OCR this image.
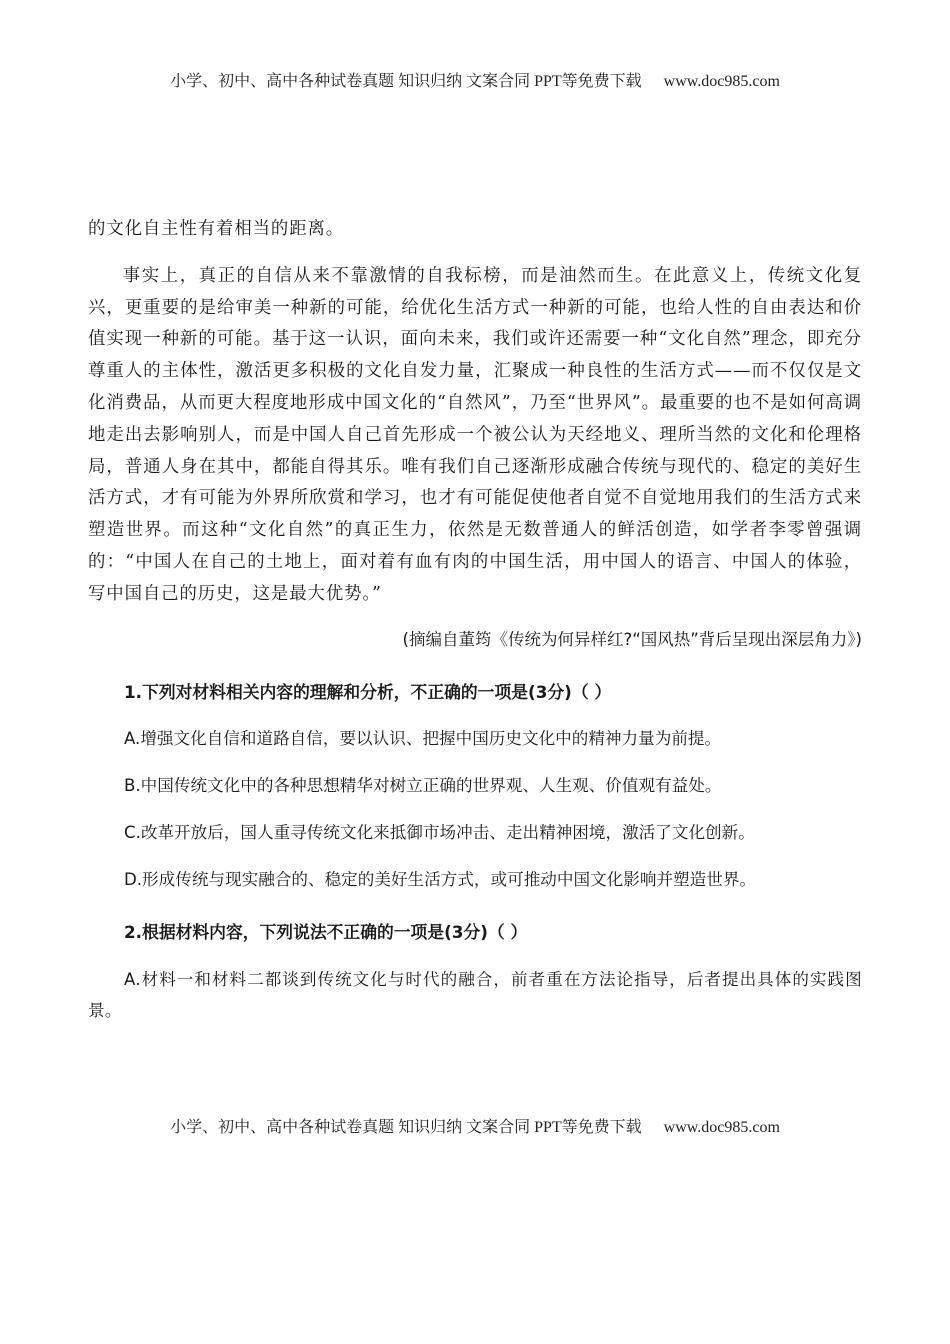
小学、初中、高中各种试卷真题 知识归纳 文案合同 PPT等免费下载 www.doc985.com

的文化自主性有着相当的距离。

事实上，真正的自信从来不靠激情的自我标榜，而是油然而生。在此意义上，传统文化复兴，更重要的是给审美一种新的可能，给优化生活方式一种新的可能，也给人性的自由表达和价值实现一种新的可能。基于这一认识，面向未来，我们或许还需要一种“文化自然”理念，即充分尊重人的主体性，激活更多积极的文化自发力量，汇聚成一种良性的生活方式——而不仅仅是文化消费品，从而更大程度地形成中国文化的“自然风”，乃至“世界风”。最重要的也不是如何高调地走出去影响别人，而是中国人自己首先形成一个被公认为天经地义、理所当然的文化和伦理格局，普通人身在其中，都能自得其乐。唯有我们自己逐渐形成融合传统与现代的、稳定的美好生活方式，才有可能为外界所欣赏和学习，也才有可能促使他者自觉不自觉地用我们的生活方式来塑造世界。而这种“文化自然”的真正生力，依然是无数普通人的鲜活创造，如学者李零曾强调的：“中国人在自己的土地上，面对着有血有肉的中国生活，用中国人的语言、中国人的体验，写中国自己的历史，这是最大优势。”

(摘编自董筠《传统为何异样红?“国风热”背后呈现出深层角力》)

1.下列对材料相关内容的理解和分析，不正确的一项是(3分)（ ）

A.增强文化自信和道路自信，要以认识、把握中国历史文化中的精神力量为前提。

B.中国传统文化中的各种思想精华对树立正确的世界观、人生观、价值观有益处。

C.改革开放后，国人重寻传统文化来抵御市场冲击、走出精神困境，激活了文化创新。

D.形成传统与现实融合的、稳定的美好生活方式，或可推动中国文化影响并塑造世界。

2.根据材料内容，下列说法不正确的一项是(3分)（ ）

A.材料一和材料二都谈到传统文化与时代的融合，前者重在方法论指导，后者提出具体的实践图景。

小学、初中、高中各种试卷真题 知识归纳 文案合同 PPT等免费下载 www.doc985.com
